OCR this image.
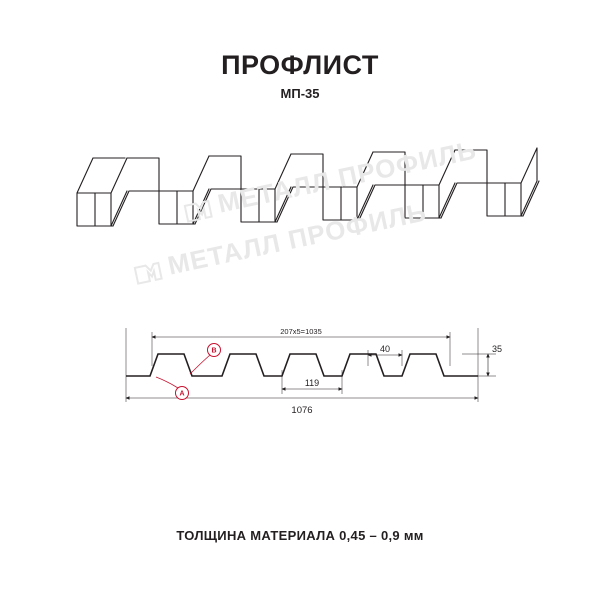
ПРОФЛИСТ
МП-35
МЕТАЛЛ ПРОФИЛЬ
МЕТАЛЛ ПРОФИЛЬ
B
A
207x5=1035
1076
119
40	35
ТОЛЩИНА МАТЕРИАЛА 0,45 – 0,9 мм
